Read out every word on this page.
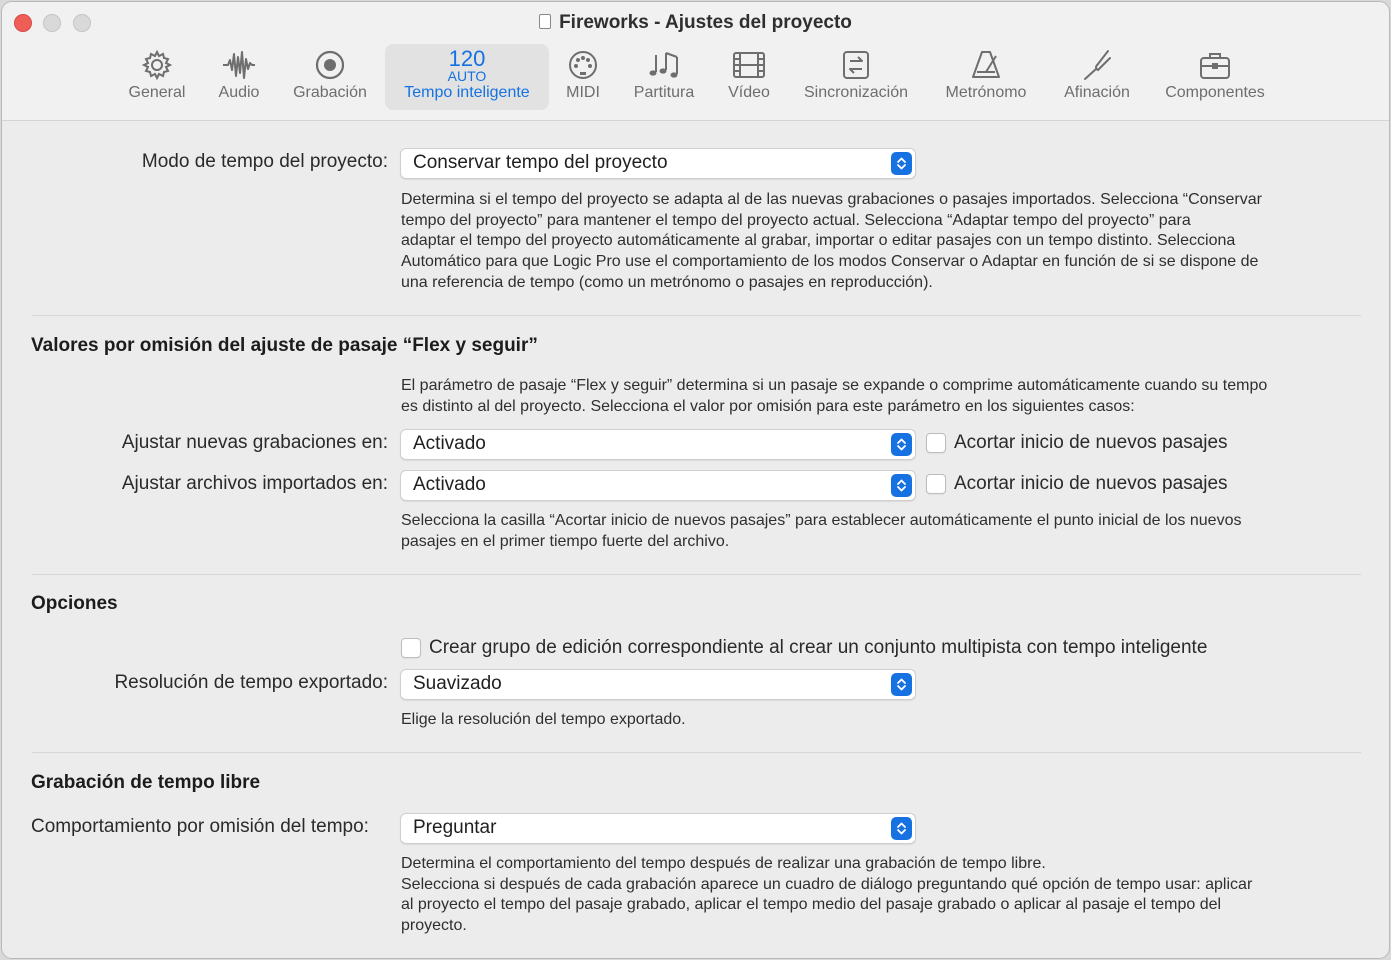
Fireworks - Ajustes del proyecto
General	Audio	Grabación
120
AUTO
Tempo inteligente	MIDI	Partitura	Vídeo	Sincronización	Metrónomo	Afinación	Componentes
Modo de tempo del proyecto: Conservar tempo del proyecto
Determina si el tempo del proyecto se adapta al de las nuevas grabaciones o pasajes importados. Selecciona “Conservar
tempo del proyecto” para mantener el tempo del proyecto actual. Selecciona “Adaptar tempo del proyecto” para
adaptar el tempo del proyecto automáticamente al grabar, importar o editar pasajes con un tempo distinto. Selecciona
Automático para que Logic Pro use el comportamiento de los modos Conservar o Adaptar en función de si se dispone de
una referencia de tempo (como un metrónomo o pasajes en reproducción).
Valores por omisión del ajuste de pasaje “Flex y seguir”
El parámetro de pasaje “Flex y seguir” determina si un pasaje se expande o comprime automáticamente cuando su tempo
es distinto al del proyecto. Selecciona el valor por omisión para este parámetro en los siguientes casos:
Ajustar nuevas grabaciones en: Activado	Acortar inicio de nuevos pasajes
Ajustar archivos importados en: Activado	Acortar inicio de nuevos pasajes
Selecciona la casilla “Acortar inicio de nuevos pasajes” para establecer automáticamente el punto inicial de los nuevos
pasajes en el primer tiempo fuerte del archivo.
Opciones
Crear grupo de edición correspondiente al crear un conjunto multipista con tempo inteligente
Resolución de tempo exportado: Suavizado
Elige la resolución del tempo exportado.
Grabación de tempo libre
Comportamiento por omisión del tempo: Preguntar
Determina el comportamiento del tempo después de realizar una grabación de tempo libre.
Selecciona si después de cada grabación aparece un cuadro de diálogo preguntando qué opción de tempo usar: aplicar
al proyecto el tempo del pasaje grabado, aplicar el tempo medio del pasaje grabado o aplicar al pasaje el tempo del
proyecto.
